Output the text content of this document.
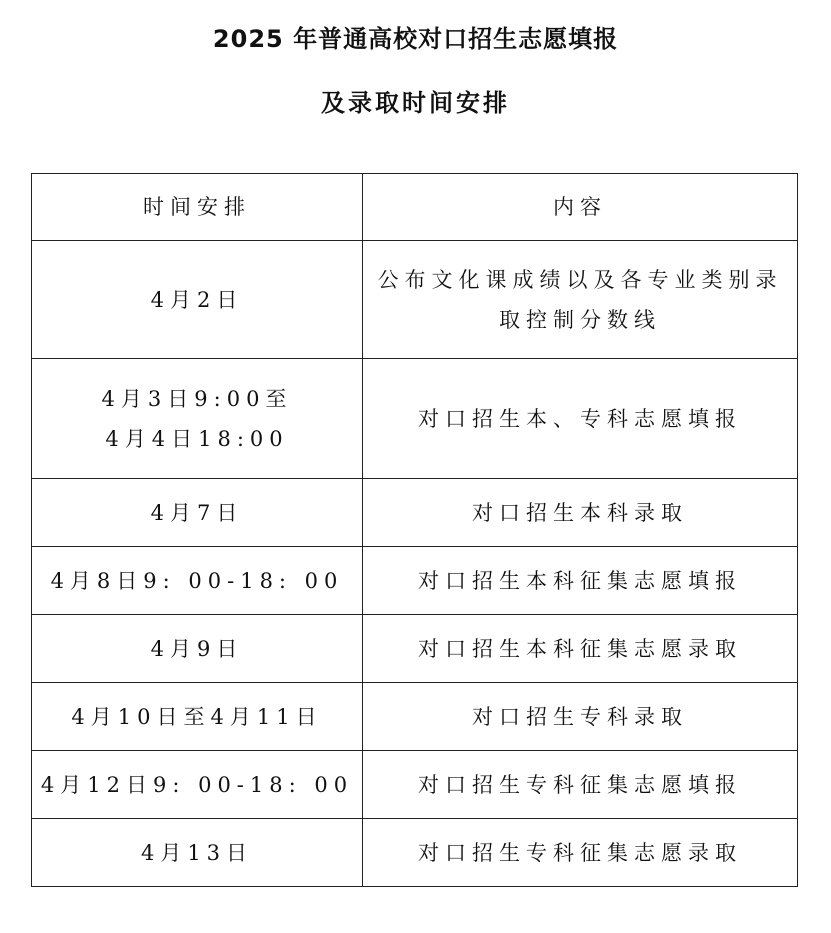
2025 年普通高校对口招生志愿填报
及录取时间安排
时间安排	内容
4月2日	公布文化课成绩以及各专业类别录取控制分数线

4月3日9:00至
4月4日18:00	对口招生本、专科志愿填报
4月7日	对口招生本科录取
4月8日9: 00-18: 00	对口招生本科征集志愿填报
4月9日	对口招生本科征集志愿录取
4月10日至4月11日	对口招生专科录取
4月12日9: 00-18: 00	对口招生专科征集志愿填报
4月13日	对口招生专科征集志愿录取
